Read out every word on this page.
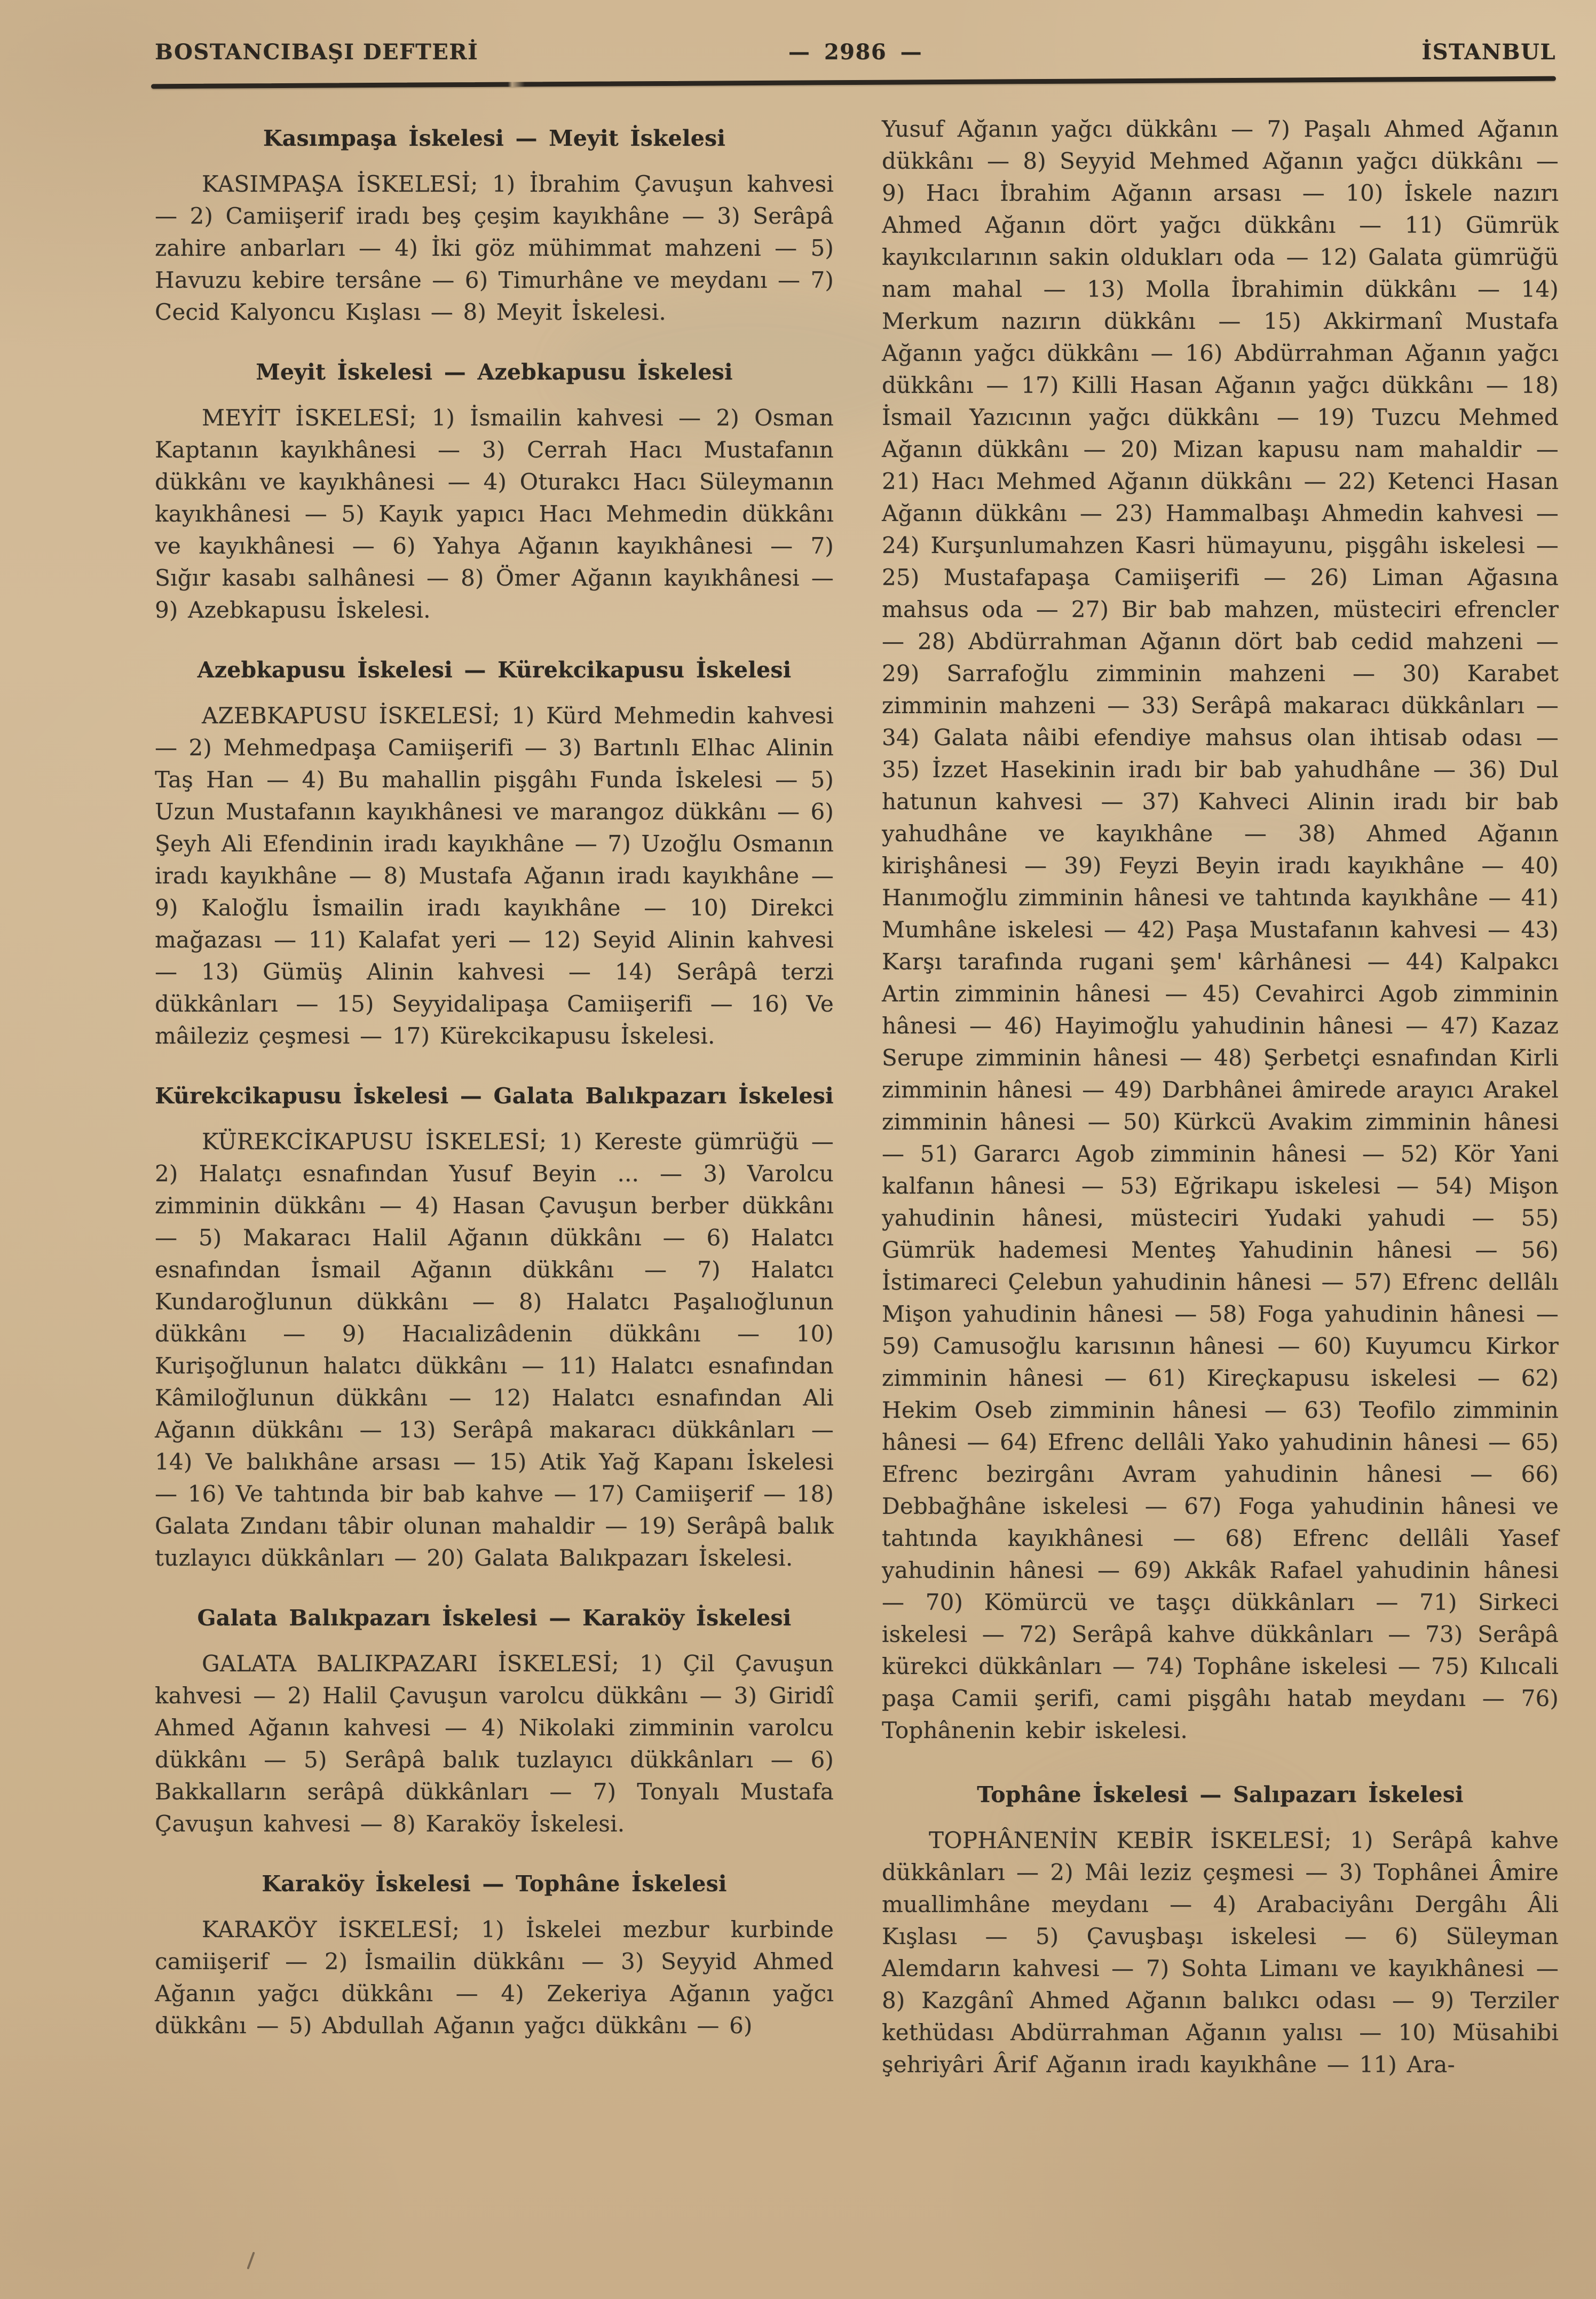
BOSTANCIBAŞI DEFTERİ	— 2986 —	İSTANBUL
Kasımpaşa İskelesi — Meyit İskelesi

KASIMPAŞA İSKELESİ; 1) İbrahim Çavuşun kahvesi — 2) Camiişerif iradı beş çeşim kayıkhâne — 3) Serâpâ zahire anbarları — 4) İki göz mühimmat mahzeni — 5) Havuzu kebire tersâne — 6) Timurhâne ve meydanı — 7) Cecid Kalyoncu Kışlası — 8) Meyit İskelesi.

Meyit İskelesi — Azebkapusu İskelesi

MEYİT İSKELESİ; 1) İsmailin kahvesi — 2) Osman Kaptanın kayıkhânesi — 3) Cerrah Hacı Mustafanın dükkânı ve kayıkhânesi — 4) Oturakcı Hacı Süleymanın kayıkhânesi — 5) Kayık yapıcı Hacı Mehmedin dükkânı ve kayıkhânesi — 6) Yahya Ağanın kayıkhânesi — 7) Sığır kasabı salhânesi — 8) Ömer Ağanın kayıkhânesi — 9) Azebkapusu İskelesi.

Azebkapusu İskelesi — Kürekcikapusu İskelesi

AZEBKAPUSU İSKELESİ; 1) Kürd Mehmedin kahvesi — 2) Mehmedpaşa Camiişerifi — 3) Bartınlı Elhac Alinin Taş Han — 4) Bu mahallin pişgâhı Funda İskelesi — 5) Uzun Mustafanın kayıkhânesi ve marangoz dükkânı — 6) Şeyh Ali Efendinin iradı kayıkhâne — 7) Uzoğlu Osmanın iradı kayıkhâne — 8) Mustafa Ağanın iradı kayıkhâne — 9) Kaloğlu İsmailin iradı kayıkhâne — 10) Direkci mağazası — 11) Kalafat yeri — 12) Seyid Alinin kahvesi — 13) Gümüş Alinin kahvesi — 14) Serâpâ terzi dükkânları — 15) Seyyidalipaşa Camiişerifi — 16) Ve mâileziz çeşmesi — 17) Kürekcikapusu İskelesi.

Kürekcikapusu İskelesi — Galata Balıkpazarı İskelesi

KÜREKCİKAPUSU İSKELESİ; 1) Kereste gümrüğü — 2) Halatçı esnafından Yusuf Beyin ... — 3) Varolcu zimminin dükkânı — 4) Hasan Çavuşun berber dükkânı — 5) Makaracı Halil Ağanın dükkânı — 6) Halatcı esnafından İsmail Ağanın dükkânı — 7) Halatcı Kundaroğlunun dükkânı — 8) Halatcı Paşalıoğlunun dükkânı — 9) Hacıalizâdenin dükkânı — 10) Kurişoğlunun halatcı dükkânı — 11) Halatcı esnafından Kâmiloğlunun dükkânı — 12) Halatcı esnafından Ali Ağanın dükkânı — 13) Serâpâ makaracı dükkânları — 14) Ve balıkhâne arsası — 15) Atik Yağ Kapanı İskelesi — 16) Ve tahtında bir bab kahve — 17) Camiişerif — 18) Galata Zındanı tâbir olunan mahaldir — 19) Serâpâ balık tuzlayıcı dükkânları — 20) Galata Balıkpazarı İskelesi.

Galata Balıkpazarı İskelesi — Karaköy İskelesi

GALATA BALIKPAZARI İSKELESİ; 1) Çil Çavuşun kahvesi — 2) Halil Çavuşun varolcu dükkânı — 3) Giridî Ahmed Ağanın kahvesi — 4) Nikolaki zimminin varolcu dükkânı — 5) Serâpâ balık tuzlayıcı dükkânları — 6) Bakkalların serâpâ dükkânları — 7) Tonyalı Mustafa Çavuşun kahvesi — 8) Karaköy İskelesi.

Karaköy İskelesi — Tophâne İskelesi

KARAKÖY İSKELESİ; 1) İskelei mezbur kurbinde camiişerif — 2) İsmailin dükkânı — 3) Seyyid Ahmed Ağanın yağcı dükkânı — 4) Zekeriya Ağanın yağcı dükkânı — 5) Abdullah Ağanın yağcı dükkânı — 6)

Yusuf Ağanın yağcı dükkânı — 7) Paşalı Ahmed Ağanın dükkânı — 8) Seyyid Mehmed Ağanın yağcı dükkânı — 9) Hacı İbrahim Ağanın arsası — 10) İskele nazırı Ahmed Ağanın dört yağcı dükkânı — 11) Gümrük kayıkcılarının sakin oldukları oda — 12) Galata gümrüğü nam mahal — 13) Molla İbrahimin dükkânı — 14) Merkum nazırın dükkânı — 15) Akkirmanî Mustafa Ağanın yağcı dükkânı — 16) Abdürrahman Ağanın yağcı dükkânı — 17) Killi Hasan Ağanın yağcı dükkânı — 18) İsmail Yazıcının yağcı dükkânı — 19) Tuzcu Mehmed Ağanın dükkânı — 20) Mizan kapusu nam mahaldir — 21) Hacı Mehmed Ağanın dükkânı — 22) Ketenci Hasan Ağanın dükkânı — 23) Hammalbaşı Ahmedin kahvesi — 24) Kurşunlumahzen Kasri hümayunu, pişgâhı iskelesi — 25) Mustafapaşa Camiişerifi — 26) Liman Ağasına mahsus oda — 27) Bir bab mahzen, müsteciri efrencler — 28) Abdürrahman Ağanın dört bab cedid mahzeni — 29) Sarrafoğlu zimminin mahzeni — 30) Karabet zimminin mahzeni — 33) Serâpâ makaracı dükkânları — 34) Galata nâibi efendiye mahsus olan ihtisab odası — 35) İzzet Hasekinin iradı bir bab yahudhâne — 36) Dul hatunun kahvesi — 37) Kahveci Alinin iradı bir bab yahudhâne ve kayıkhâne — 38) Ahmed Ağanın kirişhânesi — 39) Feyzi Beyin iradı kayıkhâne — 40) Hanımoğlu zimminin hânesi ve tahtında kayıkhâne — 41) Mumhâne iskelesi — 42) Paşa Mustafanın kahvesi — 43) Karşı tarafında rugani şem' kârhânesi — 44) Kalpakcı Artin zimminin hânesi — 45) Cevahirci Agob zimminin hânesi — 46) Hayimoğlu yahudinin hânesi — 47) Kazaz Serupe zimminin hânesi — 48) Şerbetçi esnafından Kirli zimminin hânesi — 49) Darbhânei âmirede arayıcı Arakel zimminin hânesi — 50) Kürkcü Avakim zimminin hânesi — 51) Gararcı Agob zimminin hânesi — 52) Kör Yani kalfanın hânesi — 53) Eğrikapu iskelesi — 54) Mişon yahudinin hânesi, müsteciri Yudaki yahudi — 55) Gümrük hademesi Menteş Yahudinin hânesi — 56) İstimareci Çelebun yahudinin hânesi — 57) Efrenc dellâlı Mişon yahudinin hânesi — 58) Foga yahudinin hânesi — 59) Camusoğlu karısının hânesi — 60) Kuyumcu Kirkor zimminin hânesi — 61) Kireçkapusu iskelesi — 62) Hekim Oseb zimminin hânesi — 63) Teofilo zimminin hânesi — 64) Efrenc dellâli Yako yahudinin hânesi — 65) Efrenc bezirgânı Avram yahudinin hânesi — 66) Debbağhâne iskelesi — 67) Foga yahudinin hânesi ve tahtında kayıkhânesi — 68) Efrenc dellâli Yasef yahudinin hânesi — 69) Akkâk Rafael yahudinin hânesi — 70) Kömürcü ve taşçı dükkânları — 71) Sirkeci iskelesi — 72) Serâpâ kahve dükkânları — 73) Serâpâ kürekci dükkânları — 74) Tophâne iskelesi — 75) Kılıcali paşa Camii şerifi, cami pişgâhı hatab meydanı — 76) Tophânenin kebir iskelesi.

Tophâne İskelesi — Salıpazarı İskelesi

TOPHÂNENİN KEBİR İSKELESİ; 1) Serâpâ kahve dükkânları — 2) Mâi leziz çeşmesi — 3) Tophânei Âmire muallimhâne meydanı — 4) Arabaciyânı Dergâhı Âli Kışlası — 5) Çavuşbaşı iskelesi — 6) Süleyman Alemdarın kahvesi — 7) Sohta Limanı ve kayıkhânesi — 8) Kazgânî Ahmed Ağanın balıkcı odası — 9) Terziler kethüdası Abdürrahman Ağanın yalısı — 10) Müsahibi şehriyâri Ârif Ağanın iradı kayıkhâne — 11) Ara-
